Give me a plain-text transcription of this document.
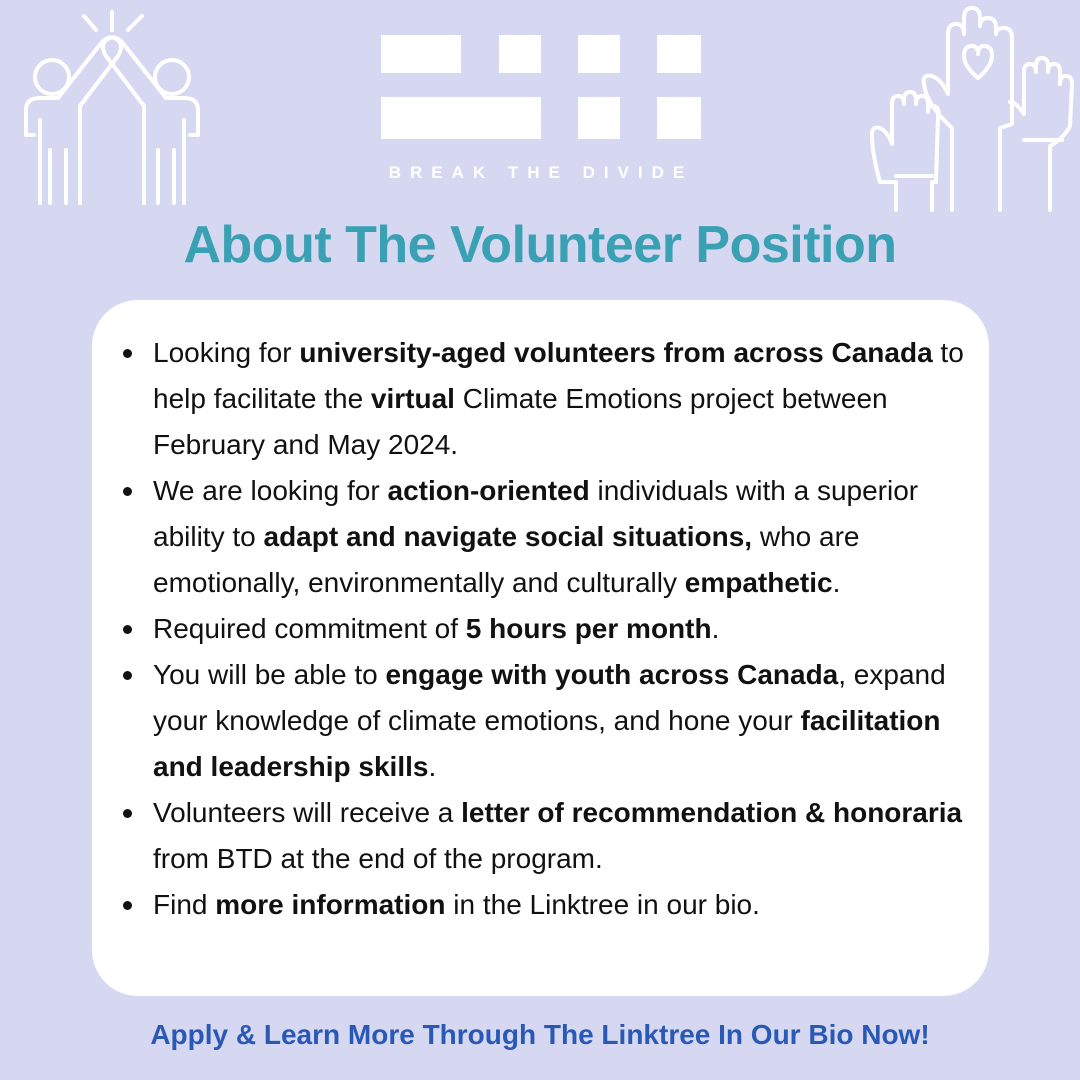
BREAK THE DIVIDE
About The Volunteer Position
Looking for university-aged volunteers from across Canada to help facilitate the virtual Climate Emotions project between February and May 2024.
We are looking for action-oriented individuals with a superior ability to adapt and navigate social situations, who are emotionally, environmentally and culturally empathetic.
Required commitment of 5 hours per month.
You will be able to engage with youth across Canada, expand your knowledge of climate emotions, and hone your facilitation and leadership skills.
Volunteers will receive a letter of recommendation & honoraria from BTD at the end of the program.
Find more information in the Linktree in our bio.
Apply & Learn More Through The Linktree In Our Bio Now!
